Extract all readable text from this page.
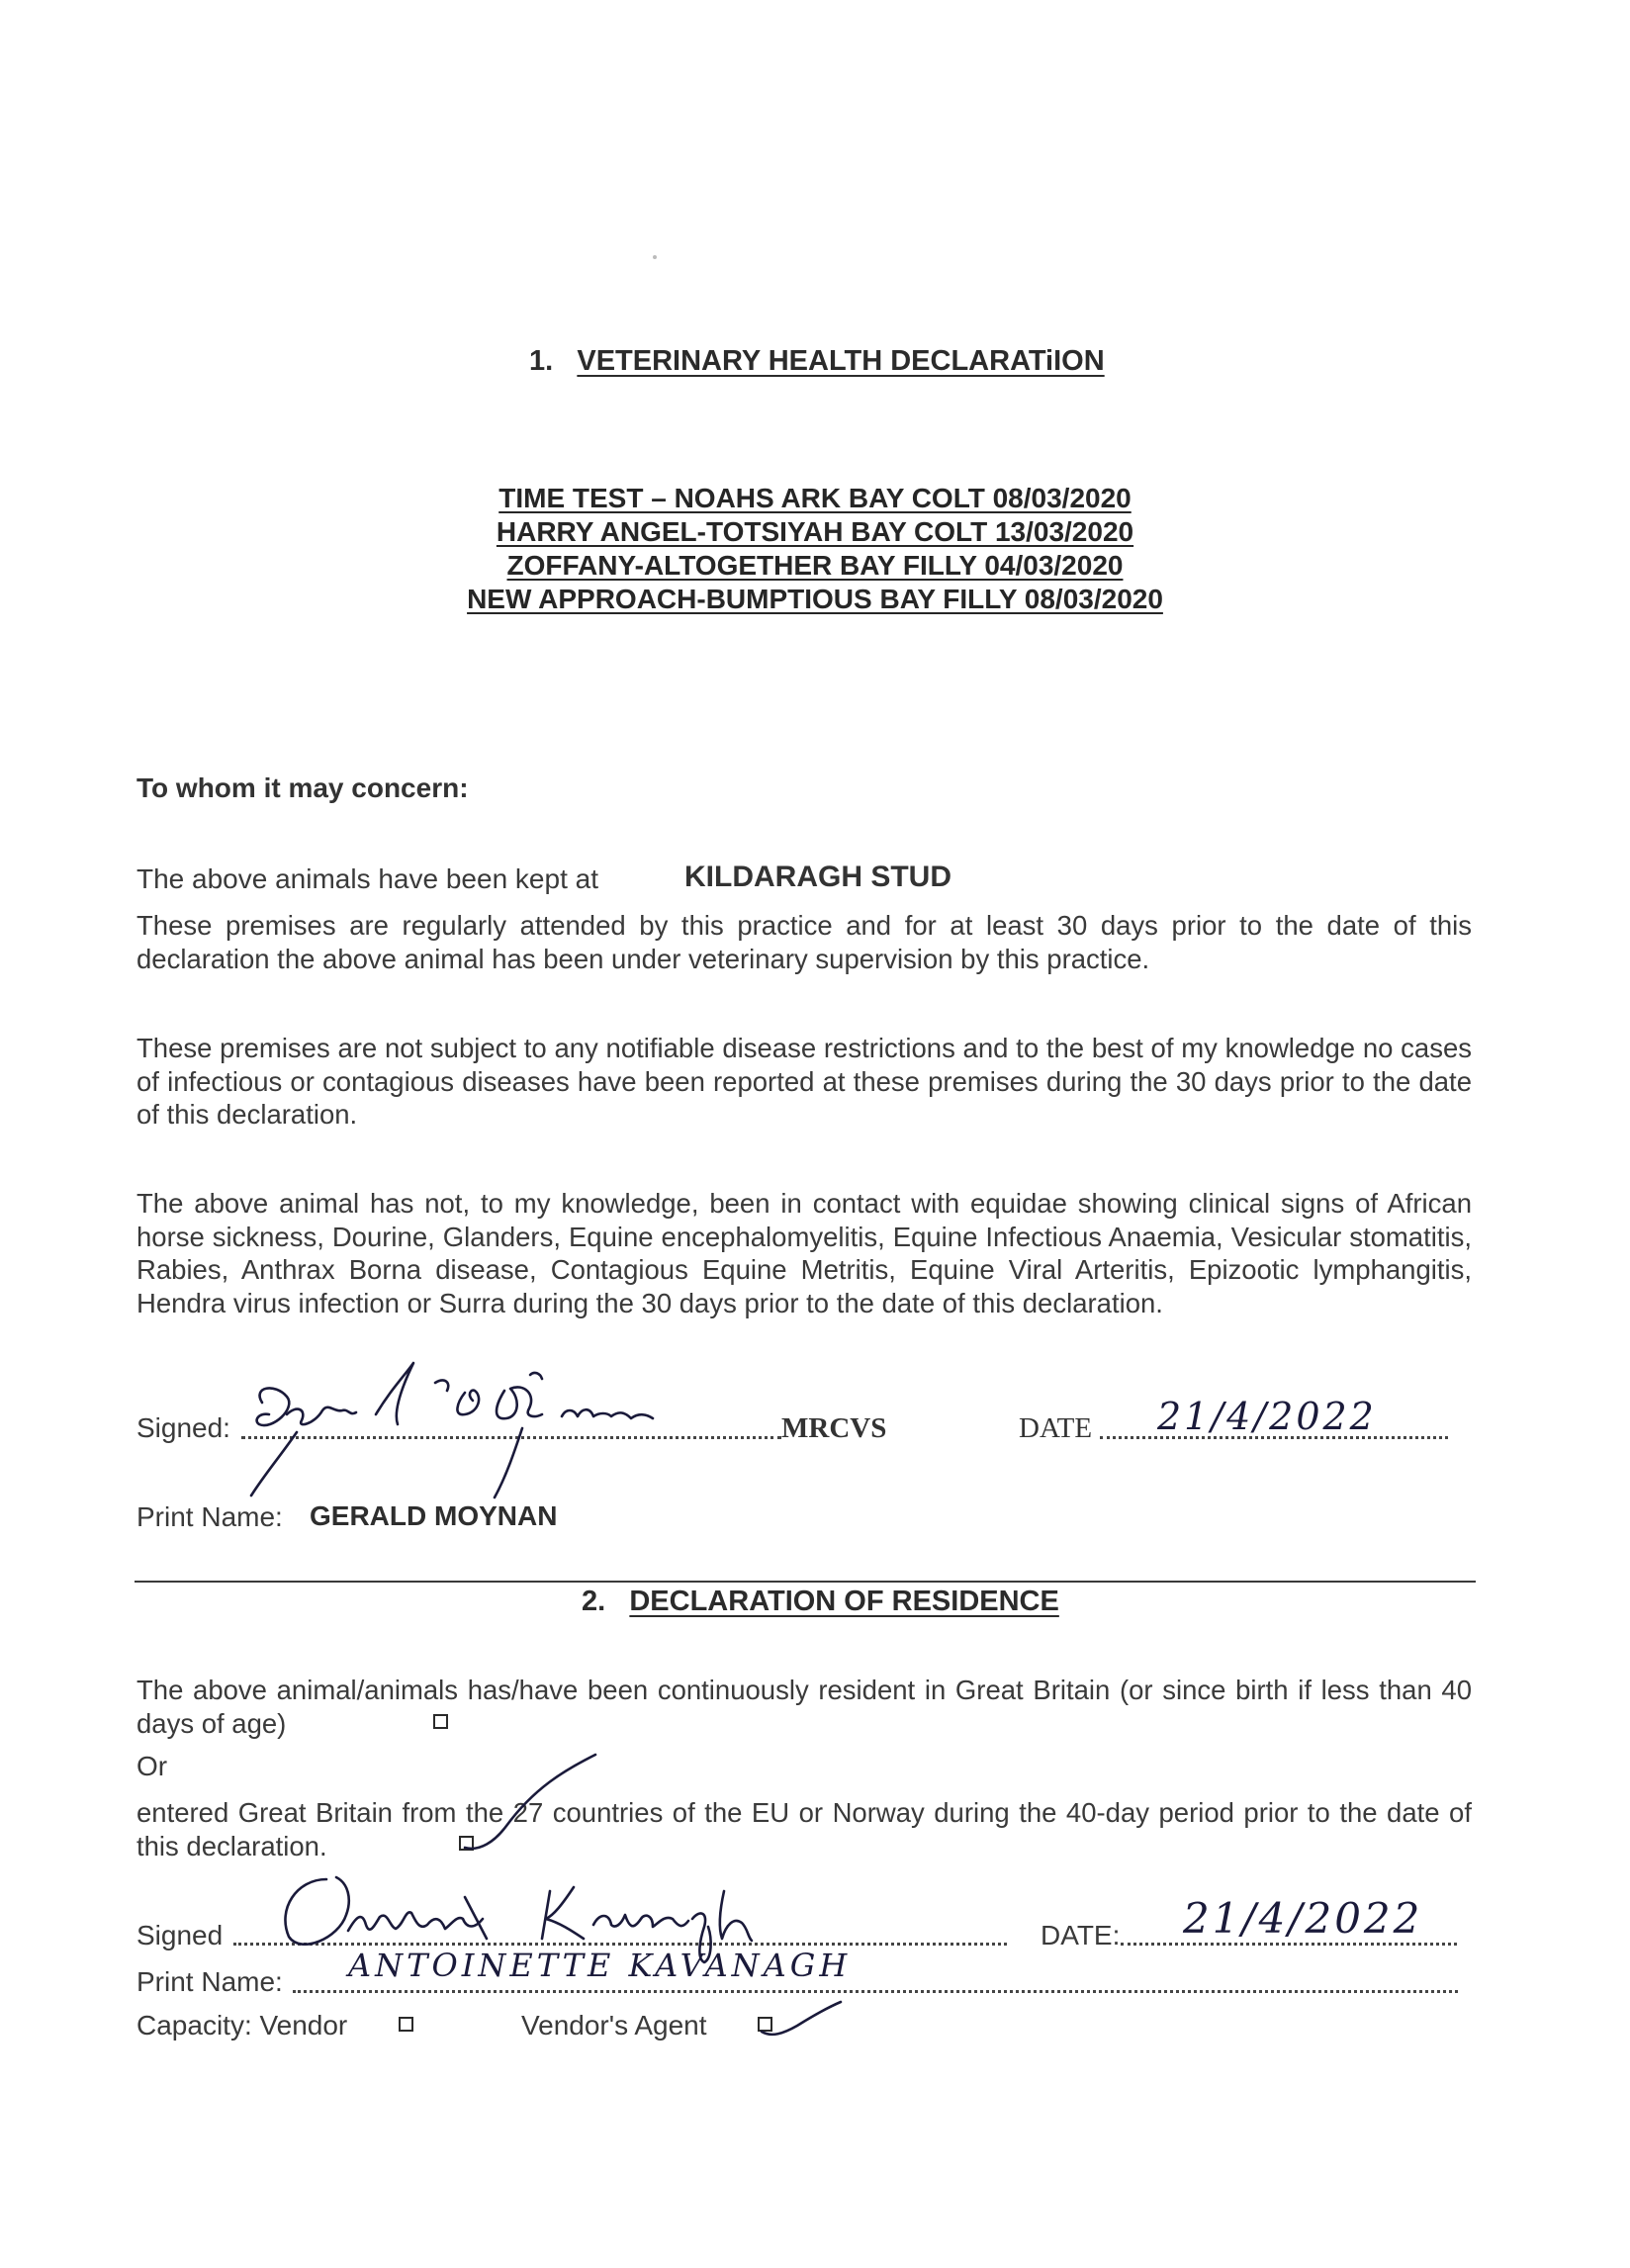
1. VETERINARY HEALTH DECLARATiION
TIME TEST – NOAHS ARK BAY COLT 08/03/2020
HARRY ANGEL-TOTSIYAH BAY COLT 13/03/2020
ZOFFANY-ALTOGETHER BAY FILLY 04/03/2020
NEW APPROACH-BUMPTIOUS BAY FILLY 08/03/2020
To whom it may concern:
The above animals have been kept at	KILDARAGH STUD
These premises are regularly attended by this practice and for at least 30 days prior to the date of this declaration the above animal has been under veterinary supervision by this practice.
These premises are not subject to any notifiable disease restrictions and to the best of my knowledge no cases of infectious or contagious diseases have been reported at these premises during the 30 days prior to the date of this declaration.
The above animal has not, to my knowledge, been in contact with equidae showing clinical signs of African horse sickness, Dourine, Glanders, Equine encephalomyelitis, Equine Infectious Anaemia, Vesicular stomatitis, Rabies, Anthrax Borna disease, Contagious Equine Metritis, Equine Viral Arteritis, Epizootic lymphangitis, Hendra virus infection or Surra during the 30 days prior to the date of this declaration.
Signed:	MRCVS	DATE 21/4/2022
Print Name: GERALD MOYNAN
2. DECLARATION OF RESIDENCE
The above animal/animals has/have been continuously resident in Great Britain (or since birth if less than 40 days of age)
Or
entered Great Britain from the 27 countries of the EU or Norway during the 40-day period prior to the date of this declaration.
Signed	DATE: 21/4/2022
Print Name: ANTOINETTE KAVANAGH
Capacity: Vendor	Vendor's Agent
